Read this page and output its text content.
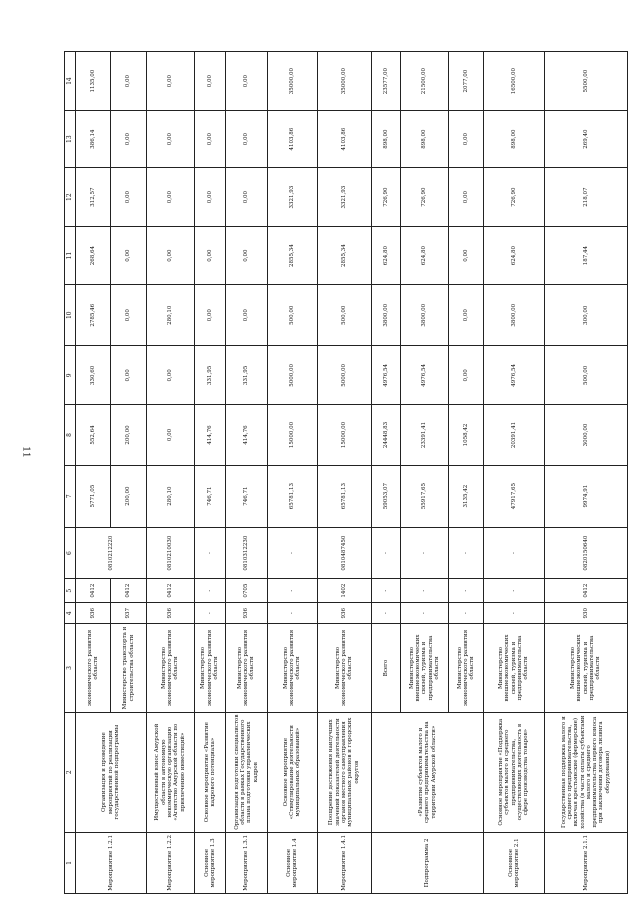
11
1	2	3	4	5	6	7	8	9	10	11	12	13	14
Мероприятие 1.2.1	Организация и проведение мероприятий по реализации государственной подпрограммы	экономического развития области	936	0412	0810212220	5771,05	552,64	330,60	2785,46	268,64	312,57	386,14	1135,00
		Министерство транспорта и строительства области	937	0412		200,00	200,00	0,00	0,00	0,00	0,00	0,00	0,00
Мероприятие 1.2.2	Имущественный взнос Амурской области в автономную некоммерческую организацию «Агентство Амурской области по привлечению инвестиций»	Министерство экономического развития области	936	0412	0810210030	280,10	0,00	0,00	280,10	0,00	0,00	0,00	0,00
Основное мероприятие 1.3	Основное мероприятие «Развитие кадрового потенциала»	Министерство экономического развития области	-	-	-	746,71	414,76	331,95	0,00	0,00	0,00	0,00	0,00
Мероприятие 1.3.1	Организация подготовки специалистов области в рамках Государственного плана подготовки управленческих кадров	Министерство экономического развития области	936	0705	0810312230	746,71	414,76	331,95	0,00	0,00	0,00	0,00	0,00
Основное мероприятие 1.4	Основное мероприятие «Стимулирование деятельности муниципальных образований»	Министерство экономического развития области	-	-	-	65781,13	15000,00	5000,00	500,00	2855,34	3321,93	4103,86	35000,00
Мероприятие 1.4.1	Поощрение достижения наилучших значений показателей деятельности органов местного самоуправления муниципальных районов и городских округов	Министерство экономического развития области	936	1402	0810487450	65781,13	15000,00	5000,00	500,00	2855,34	3321,93	4103,86	35000,00
Подпрограмма 2	«Развитие субъектов малого и среднего предпринимательства на территории Амурской области»	Всего	-	-	-	59053,07	24448,83	4976,54	3800,00	624,80	726,90	898,00	23577,00
		Министерство внешнеэкономических связей, туризма и предпринимательства области	-	-	-	55917,65	23391,41	4976,54	3800,00	624,80	726,90	898,00	21500,00
		Министерство экономического развития области	-	-	-	3135,42	1058,42	0,00	0,00	0,00	0,00	0,00	2077,00
Основное мероприятие 2.1	Основное мероприятие «Поддержка субъектов малого и среднего предпринимательства, осуществляющих деятельность в сфере производства товаров»	Министерство внешнеэкономических связей, туризма и предпринимательства области	-	-	-	47917,65	20391,41	4976,54	3800,00	624,80	726,90	898,00	16500,00
Мероприятие 2.1.1	Государственная поддержка малого и среднего предпринимательства, включая крестьянские (фермерские) хозяйства (в части оплаты субъектами малого и среднего предпринимательства первого взноса при заключении договора лизинга оборудования)	Министерство внешнеэкономических связей, туризма и предпринимательства области	930	0412	0820150640	9974,91	3000,00	500,00	300,00	187,44	218,07	269,40	5500,00
